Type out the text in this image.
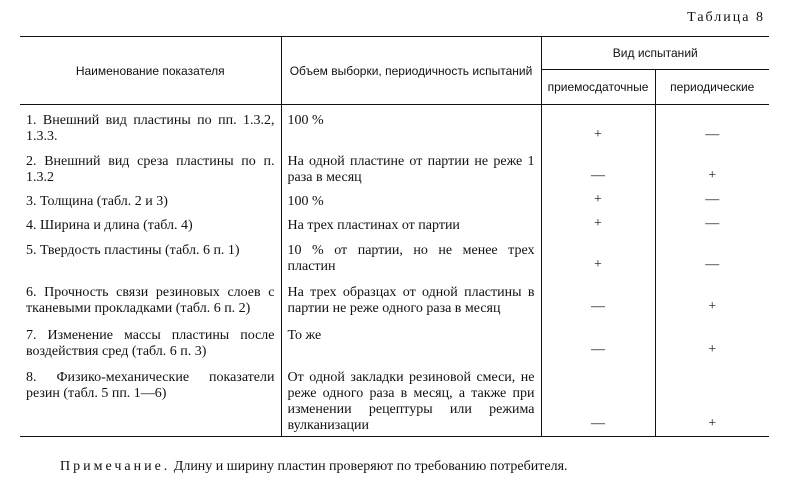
Таблица 8
Наименование показателя	Объем выборки, периодичность испытаний	Вид испытаний	
		приемосдаточные	периодические
1. Внешний вид пластины по пп. 1.3.2, 1.3.3.	100 %	+	—
2. Внешний вид среза пластины по п. 1.3.2	На одной пластине от партии не реже 1 раза в месяц	—	+
3. Толщина (табл. 2 и 3)	100 %	+	—
4. Ширина и длина (табл. 4)	На трех пластинах от партии	+	—
5. Твердость пластины (табл. 6 п. 1)	10 % от партии, но не менее трех пластин	+	—
6. Прочность связи резиновых слоев с тканевыми прокладками (табл. 6 п. 2)	На трех образцах от одной пластины в партии не реже одного раза в месяц	—	+
7. Изменение массы пластины после воздействия сред (табл. 6 п. 3)	То же	—	+
8. Физико-механические показатели резин (табл. 5 пп. 1—6)	От одной закладки резиновой смеси, не реже одного раза в месяц, а также при изменении рецептуры или режима вулканизации	—	+
Примечание. Длину и ширину пластин проверяют по требованию потребителя.
